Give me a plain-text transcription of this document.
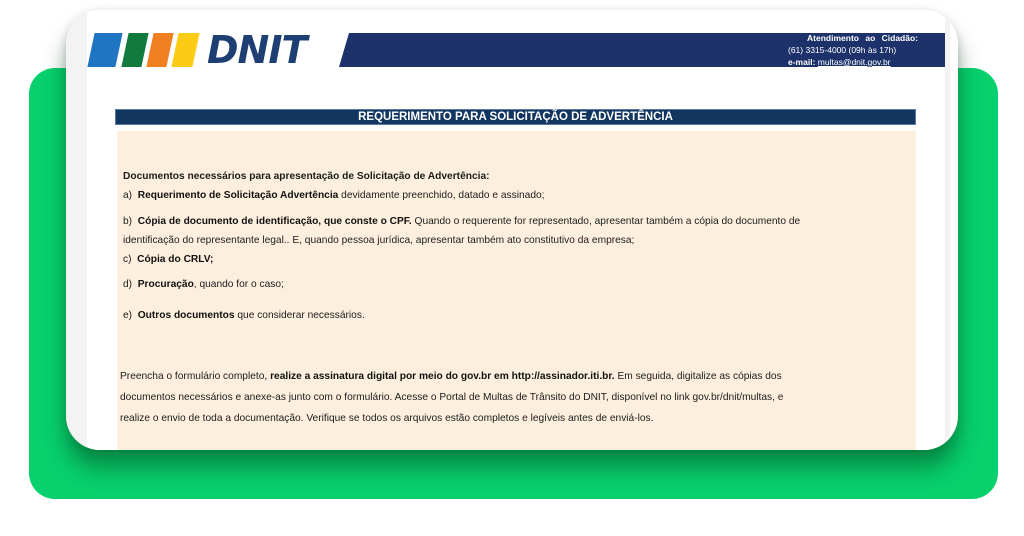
DNIT	Atendimento ao Cidadão:
(61) 3315-4000 (09h às 17h)
e-mail: multas@dnit.gov.br
REQUERIMENTO PARA SOLICITAÇÃO DE ADVERTÊNCIA
Documentos necessários para apresentação de Solicitação de Advertência:
a) Requerimento de Solicitação Advertência devidamente preenchido, datado e assinado;
b) Cópia de documento de identificação, que conste o CPF. Quando o requerente for representado, apresentar também a cópia do documento de
identificação do representante legal.. E, quando pessoa jurídica, apresentar também ato constitutivo da empresa;
c) Cópia do CRLV;
d) Procuração, quando for o caso;
e) Outros documentos que considerar necessários.
Preencha o formulário completo, realize a assinatura digital por meio do gov.br em http://assinador.iti.br. Em seguida, digitalize as cópias dos
documentos necessários e anexe-as junto com o formulário. Acesse o Portal de Multas de Trânsito do DNIT, disponível no link gov.br/dnit/multas, e
realize o envio de toda a documentação. Verifique se todos os arquivos estão completos e legíveis antes de enviá-los.
